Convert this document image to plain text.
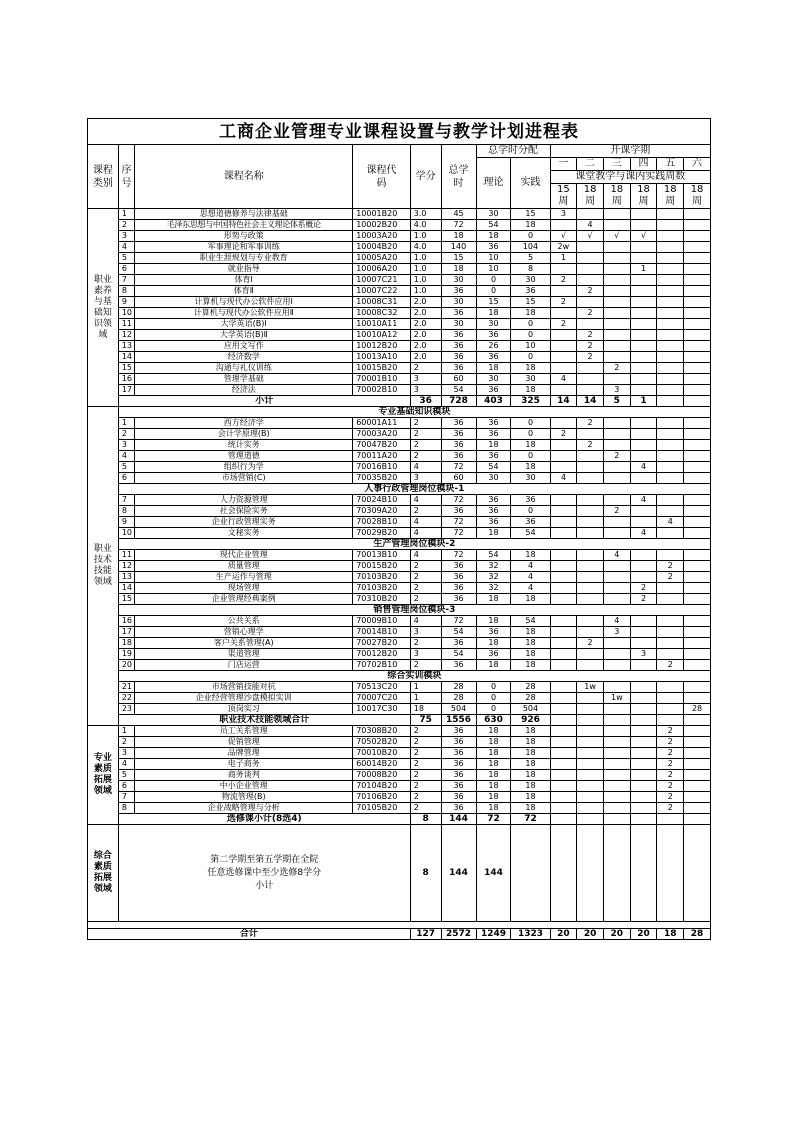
工商企业管理专业课程设置与教学计划进程表
课程类别	序号	课程名称	课程代码	学分	总学时	总学时分配		开课学期					
						理论	实践	一	二	三	四	五	六
								课堂教学与课内实践周数					
								15周	18周	18周	18周	18周	18周
职业素养与基础知识领域	1	思想道德修养与法律基础	10001B20	3.0	45	30	15	3					
	2	毛泽东思想与中国特色社会主义理论体系概论	10002B20	4.0	72	54	18		4				
	3	形势与政策	10003A20	1.0	18	18	0	√	√	√	√		
	4	军事理论和军事训练	10004B20	4.0	140	36	104	2w					
	5	职业生涯规划与专业教育	10005A20	1.0	15	10	5	1					
	6	就业指导	10006A20	1.0	18	10	8				1		
	7	体育Ⅰ	10007C21	1.0	30	0	30	2					
	8	体育Ⅱ	10007C22	1.0	36	0	36		2				
	9	计算机与现代办公软件应用Ⅰ	10008C31	2.0	30	15	15	2					
	10	计算机与现代办公软件应用Ⅱ	10008C32	2.0	36	18	18		2				
	11	大学英语(B)Ⅰ	10010A11	2.0	30	30	0	2					
	12	大学英语(B)Ⅱ	10010A12	2.0	36	36	0		2				
	13	应用文写作	10012B20	2.0	36	26	10		2				
	14	经济数学	10013A10	2.0	36	36	0		2				
	15	沟通与礼仪训练	10015B20	2	36	18	18			2			
	16	管理学基础	70001B10	3	60	30	30	4					
	17	经济法	70002B10	3	54	36	18			3			
	小计			36	728	403	325	14	14	5	1		
职业技术技能领域	专业基础知识模块												
	1	西方经济学	60001A11	2	36	36	0		2				
	2	会计学原理(B)	70003A20	2	36	36	0	2					
	3	统计实务	70047B20	2	36	18	18		2				
	4	管理道德	70011A20	2	36	36	0			2			
	5	组织行为学	70016B10	4	72	54	18				4		
	6	市场营销(C)	70035B20	3	60	30	30	4					
	人事行政管理岗位模块-1												
	7	人力资源管理	70024B10	4	72	36	36				4		
	8	社会保险实务	70309A20	2	36	36	0			2			
	9	企业行政管理实务	70028B10	4	72	36	36					4	
	10	文秘实务	70029B20	4	72	18	54				4		
	生产管理岗位模块-2												
	11	现代企业管理	70013B10	4	72	54	18			4			
	12	质量管理	70015B20	2	36	32	4					2	
	13	生产运作与管理	70103B20	2	36	32	4					2	
	14	现场管理	70103B20	2	36	32	4				2		
	15	企业管理经典案例	70310B20	2	36	18	18				2		
	销售管理岗位模块-3												
	16	公共关系	70009B10	4	72	18	54			4			
	17	营销心理学	70014B10	3	54	36	18			3			
	18	客户关系管理(A)	70027B20	2	36	18	18		2				
	19	渠道管理	70012B20	3	54	36	18				3		
	20	门店运营	70702B10	2	36	18	18					2	
	综合实训模块												
	21	市场营销技能对抗	70513C20	1	28	0	28		1w				
	22	企业经营管理沙盘模拟实训	70007C20	1	28	0	28			1w			
	23	顶岗实习	10017C30	18	504	0	504						28
	职业技术技能领域合计			75	1556	630	926						
专业素质拓展领域	1	员工关系管理	70308B20	2	36	18	18					2	
	2	促销管理	70502B20	2	36	18	18					2	
	3	品牌管理	70010B20	2	36	18	18					2	
	4	电子商务	60014B20	2	36	18	18					2	
	5	商务谈判	70008B20	2	36	18	18					2	
	6	中小企业管理	70104B20	2	36	18	18					2	
	7	物流管理(B)	70106B20	2	36	18	18					2	
	8	企业战略管理与分析	70105B20	2	36	18	18					2	
	选修课小计(8选4)			8	144	72	72						
综合素质拓展领域	第二学期至第五学期在全院
任意选修课中至少选修8学分
小计			8	144	144							

合计				127	2572	1249	1323	20	20	20	20	18	28
